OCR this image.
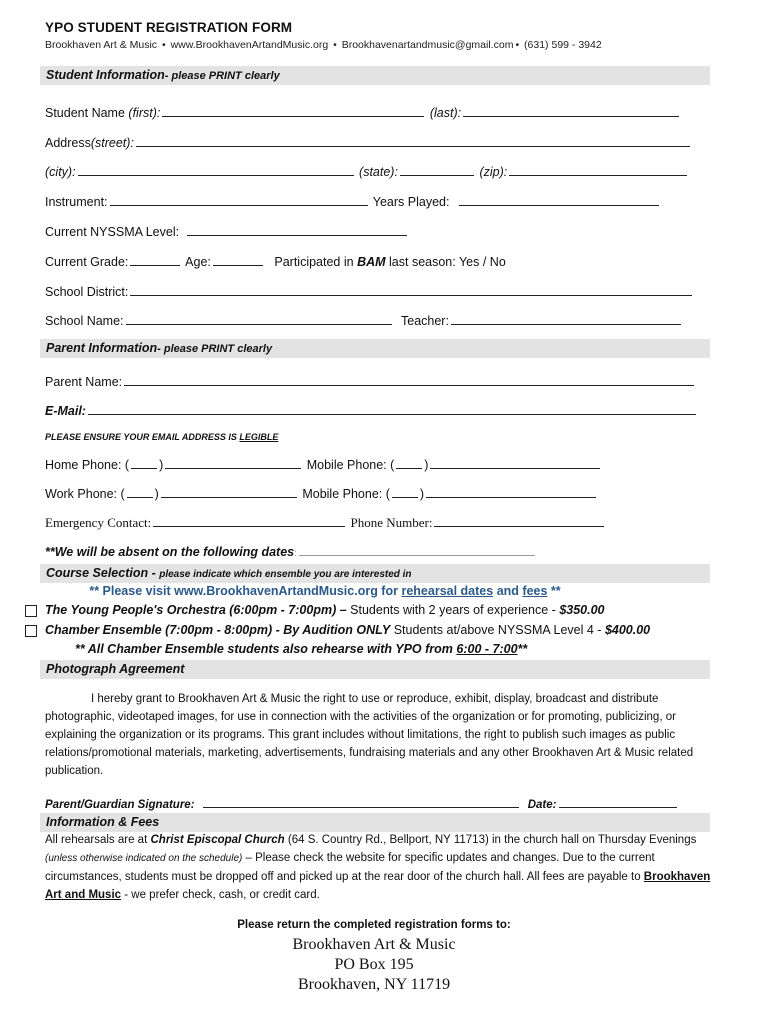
YPO STUDENT REGISTRATION FORM
Brookhaven Art & Music • www.BrookhavenArtandMusic.org • Brookhavenartandmusic@gmail.com • (631) 599 - 3942
Student Information- please PRINT clearly
Student Name (first):	(last):
Address(street):
(city):	(state):	(zip):
Instrument:	Years Played:
Current NYSSMA Level:
Current Grade:	Age:	Participated in BAM last season: Yes / No
School District:
School Name:	Teacher:
Parent Information- please PRINT clearly
Parent Name:
E-Mail:
PLEASE ENSURE YOUR EMAIL ADDRESS IS LEGIBLE
Home Phone: ( )	Mobile Phone: ( )
Work Phone: ( )	Mobile Phone: ( )
Emergency Contact:	Phone Number:
**We will be absent on the following dates:
Course Selection - please indicate which ensemble you are interested in
** Please visit www.BrookhavenArtandMusic.org for rehearsal dates and fees **
The Young People's Orchestra (6:00pm - 7:00pm) – Students with 2 years of experience - $350.00
Chamber Ensemble (7:00pm - 8:00pm) - By Audition ONLY Students at/above NYSSMA Level 4 - $400.00
** All Chamber Ensemble students also rehearse with YPO from 6:00 - 7:00**
Photograph Agreement
I hereby grant to Brookhaven Art & Music the right to use or reproduce, exhibit, display, broadcast and distribute photographic, videotaped images, for use in connection with the activities of the organization or for promoting, publicizing, or explaining the organization or its programs. This grant includes without limitations, the right to publish such images as public relations/promotional materials, marketing, advertisements, fundraising materials and any other Brookhaven Art & Music related publication.
Parent/Guardian Signature:	Date:
Information & Fees
All rehearsals are at Christ Episcopal Church (64 S. Country Rd., Bellport, NY 11713) in the church hall on Thursday Evenings (unless otherwise indicated on the schedule) – Please check the website for specific updates and changes. Due to the current circumstances, students must be dropped off and picked up at the rear door of the church hall. All fees are payable to Brookhaven Art and Music - we prefer check, cash, or credit card.
Please return the completed registration forms to:
Brookhaven Art & Music
PO Box 195
Brookhaven, NY 11719
